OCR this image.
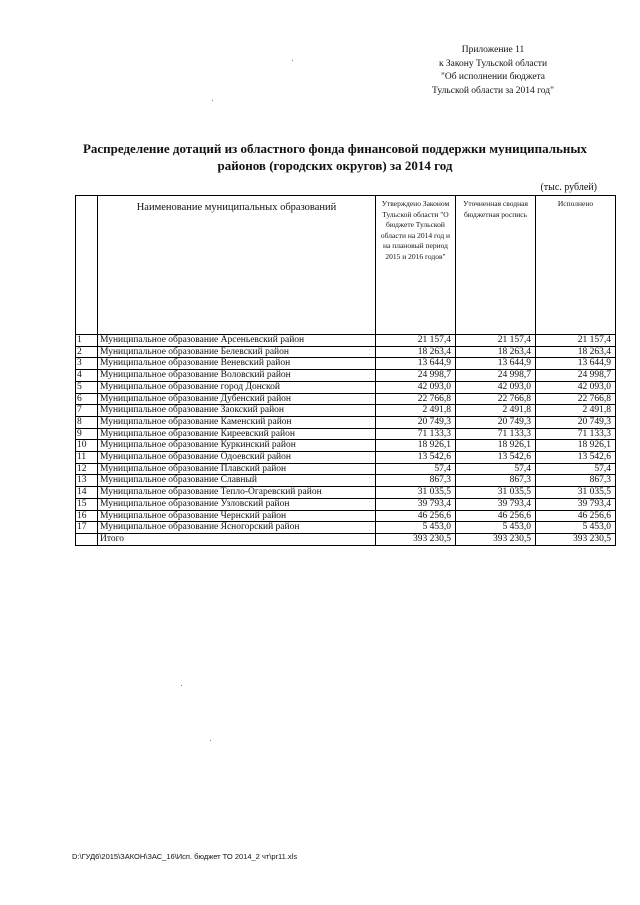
Приложение 11
к Закону Тульской области
"Об исполнении бюджета
Тульской области за 2014 год"
Распределение дотаций из областного фонда финансовой поддержки муниципальных
районов (городских округов) за 2014 год
(тыс. рублей)
	Наименование муниципальных образований	Утверждено Законом Тульской области "О бюджете Тульской области на 2014 год и на плановый период 2015 и 2016 годов"	Уточненная сводная бюджетная роспись	Исполнено
1	Муниципальное образование Арсеньевский район	21 157,4	21 157,4	21 157,4
2	Муниципальное образование Белевский район	18 263,4	18 263,4	18 263,4
3	Муниципальное образование Веневский район	13 644,9	13 644,9	13 644,9
4	Муниципальное образование Воловский район	24 998,7	24 998,7	24 998,7
5	Муниципальное образование город Донской	42 093,0	42 093,0	42 093,0
6	Муниципальное образование Дубенский район	22 766,8	22 766,8	22 766,8
7	Муниципальное образование Заокский район	2 491,8	2 491,8	2 491,8
8	Муниципальное образование Каменский район	20 749,3	20 749,3	20 749,3
9	Муниципальное образование Киреевский район	71 133,3	71 133,3	71 133,3
10	Муниципальное образование Куркинский район	18 926,1	18 926,1	18 926,1
11	Муниципальное образование Одоевский район	13 542,6	13 542,6	13 542,6
12	Муниципальное образование Плавский район	57,4	57,4	57,4
13	Муниципальное образование Славный	867,3	867,3	867,3
14	Муниципальное образование Тепло-Огаревский район	31 035,5	31 035,5	31 035,5
15	Муниципальное образование Узловский район	39 793,4	39 793,4	39 793,4
16	Муниципальное образование Чернский район	46 256,6	46 256,6	46 256,6
17	Муниципальное образование Ясногорский район	5 453,0	5 453,0	5 453,0
	Итого	393 230,5	393 230,5	393 230,5
D:\ГУД6\2015\ЗАКОН\ЗАС_16\Исп. бюджет ТО 2014_2 чт\pr11.xls
